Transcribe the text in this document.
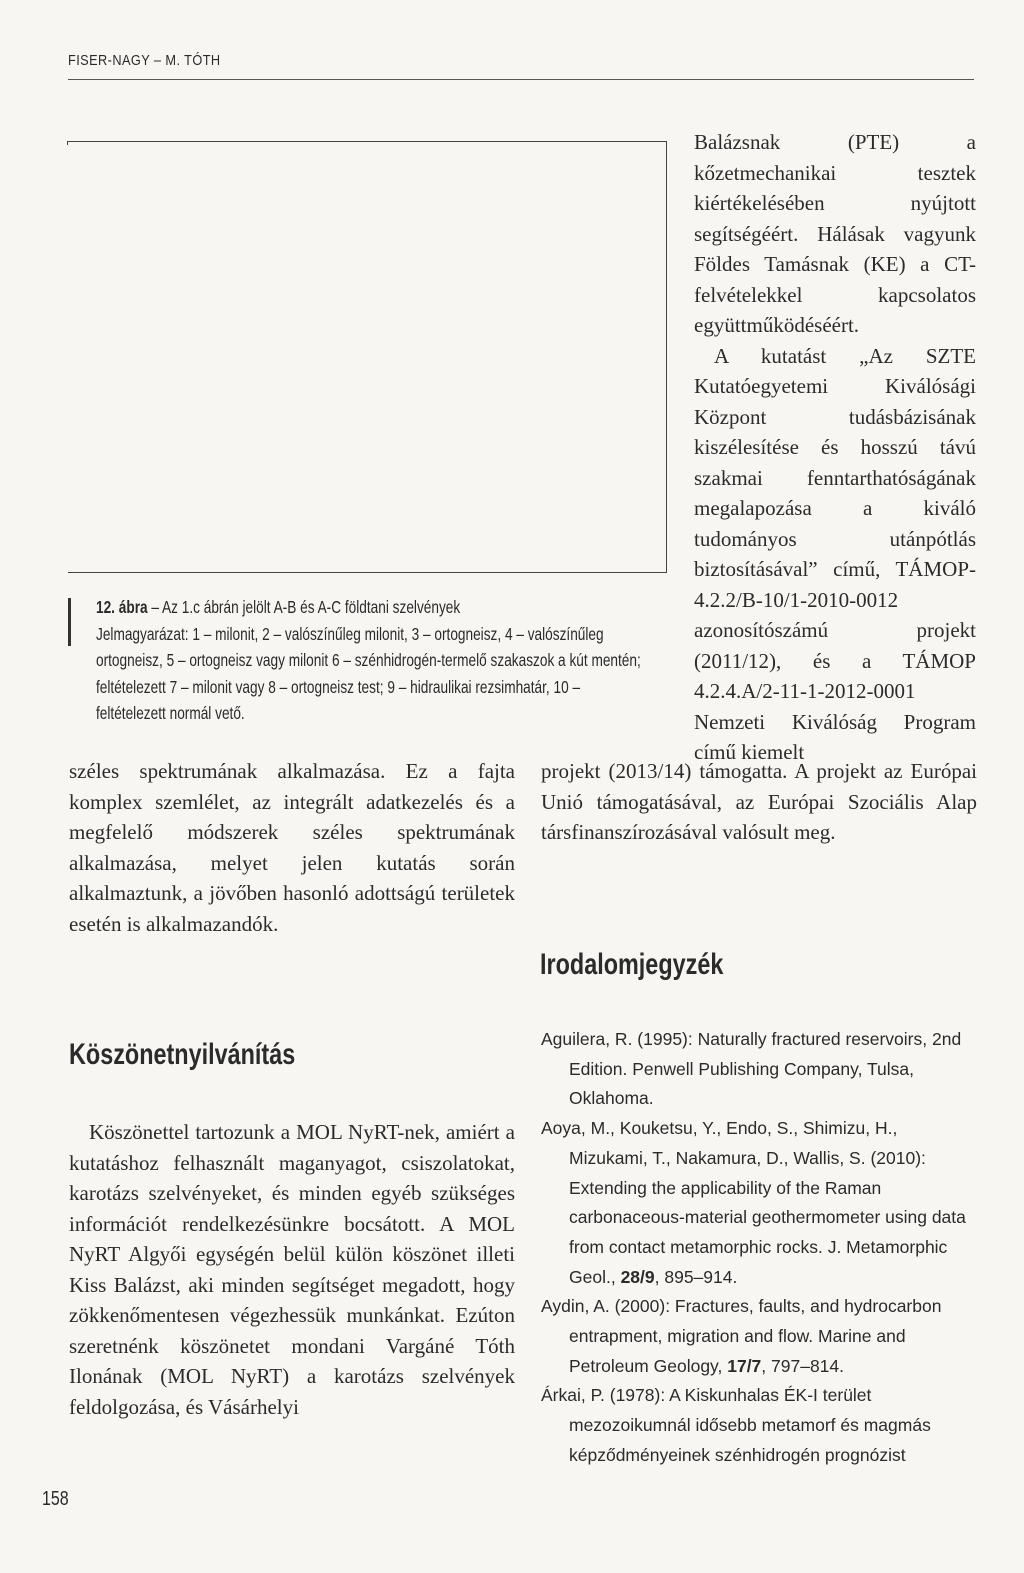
FISER-NAGY – M. TÓTH
12. ábra – Az 1.c ábrán jelölt A-B és A-C földtani szelvények
Jelmagyarázat: 1 – milonit, 2 – valószínűleg milonit, 3 – ortogneisz, 4 – valószínűleg ortogneisz, 5 – ortogneisz vagy milonit 6 – szénhidrogén-termelő szakaszok a kút mentén; feltételezett 7 – milonit vagy 8 – ortogneisz test; 9 – hidraulikai rezsimhatár, 10 – feltételezett normál vető.

Balázsnak (PTE) a kőzetmechanikai tesztek kiértékelésében nyújtott segítségéért. Hálásak vagyunk Földes Tamásnak (KE) a CT-felvételekkel kapcsolatos együttműködéséért.

A kutatást „Az SZTE Kutatóegyetemi Kiválósági Központ tudásbázisának kiszélesítése és hosszú távú szakmai fenntarthatóságának megalapozása a kiváló tudományos utánpótlás biztosításával” című, TÁMOP-4.2.2/B-10/1-2010-0012 azonosítószámú projekt (2011/12), és a TÁMOP 4.2.4.A/2-11-1-2012-0001 Nemzeti Kiválóság Program című kiemelt

széles spektrumának alkalmazása. Ez a fajta komplex szemlélet, az integrált adatkezelés és a megfelelő módszerek széles spektrumának alkalmazása, melyet jelen kutatás során alkalmaztunk, a jövőben hasonló adottságú területek esetén is alkalmazandók.

projekt (2013/14) támogatta. A projekt az Európai Unió támogatásával, az Európai Szociális Alap társfinanszírozásával valósult meg.

Irodalomjegyzék
Köszönetnyilvánítás

Köszönettel tartozunk a MOL NyRT-nek, amiért a kutatáshoz felhasznált maganyagot, csiszolatokat, karotázs szelvényeket, és minden egyéb szükséges információt rendelkezésünkre bocsátott. A MOL NyRT Algyői egységén belül külön köszönet illeti Kiss Balázst, aki minden segítséget megadott, hogy zökkenőmentesen végezhessük munkánkat. Ezúton szeretnénk köszönetet mondani Vargáné Tóth Ilonának (MOL NyRT) a karotázs szelvények feldolgozása, és Vásárhelyi

Aguilera, R. (1995): Naturally fractured reservoirs, 2nd Edition. Penwell Publishing Company, Tulsa, Oklahoma.
Aoya, M., Kouketsu, Y., Endo, S., Shimizu, H., Mizukami, T., Nakamura, D., Wallis, S. (2010): Extending the applicability of the Raman carbonaceous-material geothermometer using data from contact metamorphic rocks. J. Metamorphic Geol., 28/9, 895–914.
Aydin, A. (2000): Fractures, faults, and hydrocarbon entrapment, migration and flow. Marine and Petroleum Geology, 17/7, 797–814.
Árkai, P. (1978): A Kiskunhalas ÉK-I terület mezozoikumnál idősebb metamorf és magmás képződményeinek szénhidrogén prognózist
158
